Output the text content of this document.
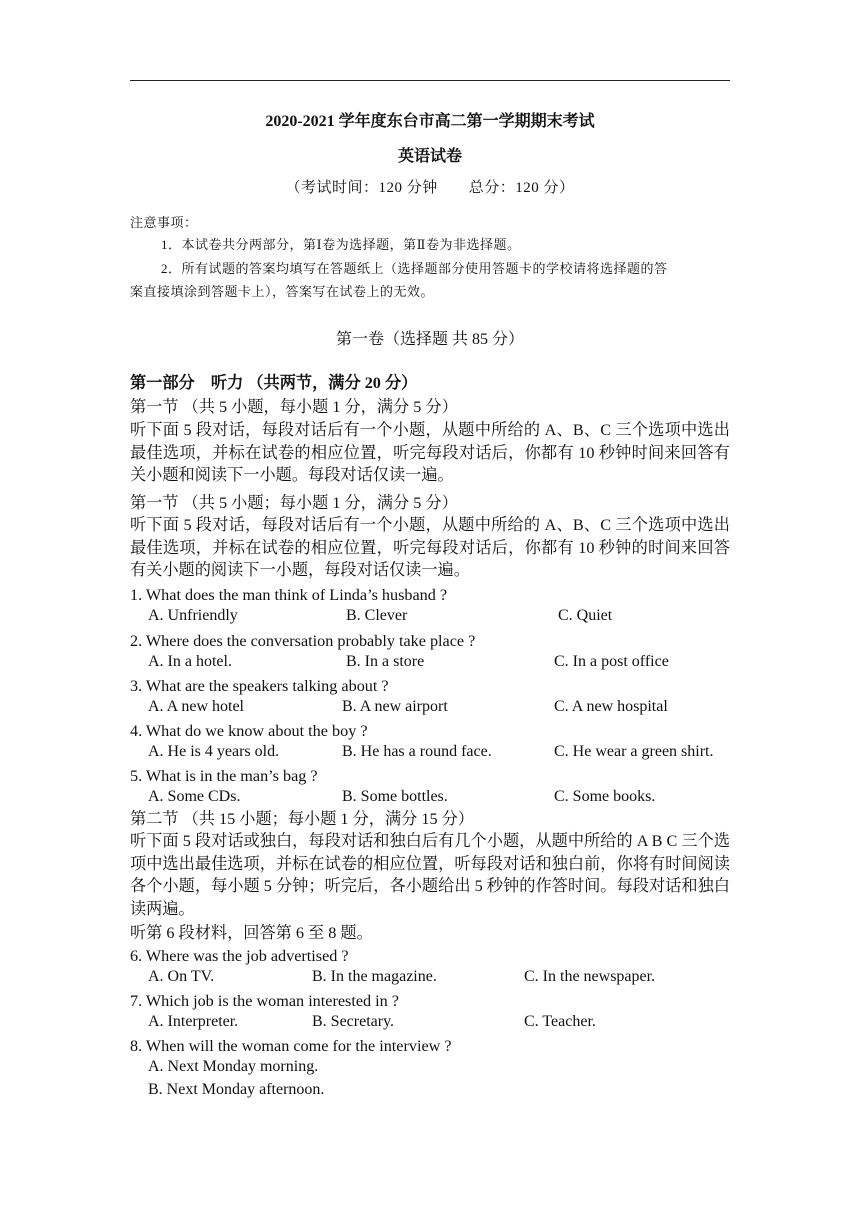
2020-2021 学年度东台市高二第一学期期末考试
英语试卷
（考试时间：120 分钟　　总分：120 分）
注意事项：
1．本试卷共分两部分，第Ⅰ卷为选择题，第Ⅱ卷为非选择题。
2．所有试题的答案均填写在答题纸上（选择题部分使用答题卡的学校请将选择题的答
案直接填涂到答题卡上），答案写在试卷上的无效。
第一卷（选择题 共 85 分）
第一部分　听力 （共两节，满分 20 分）
第一节 （共 5 小题，每小题 1 分，满分 5 分）
听下面 5 段对话，每段对话后有一个小题，从题中所给的 A、B、C 三个选项中选出最佳选项，并标在试卷的相应位置，听完每段对话后，你都有 10 秒钟时间来回答有关小题和阅读下一小题。每段对话仅读一遍。
第一节 （共 5 小题；每小题 1 分，满分 5 分）
听下面 5 段对话，每段对话后有一个小题，从题中所给的 A、B、C 三个选项中选出最佳选项，并标在试卷的相应位置，听完每段对话后，你都有 10 秒钟的时间来回答有关小题的阅读下一小题，每段对话仅读一遍。
1. What does the man think of Linda’s husband ?
A. Unfriendly	B. Clever	C. Quiet
2. Where does the conversation probably take place ?
A. In a hotel.	B. In a store	C. In a post office
3. What are the speakers talking about ?
A. A new hotel	B. A new airport	C. A new hospital
4. What do we know about the boy ?
A. He is 4 years old.	B. He has a round face.	C. He wear a green shirt.
5. What is in the man’s bag ?
A. Some CDs.	B. Some bottles.	C. Some books.
第二节 （共 15 小题；每小题 1 分，满分 15 分）
听下面 5 段对话或独白，每段对话和独白后有几个小题，从题中所给的 A B C 三个选项中选出最佳选项，并标在试卷的相应位置，听每段对话和独白前，你将有时间阅读各个小题，每小题 5 分钟；听完后，各小题给出 5 秒钟的作答时间。每段对话和独白读两遍。
听第 6 段材料，回答第 6 至 8 题。
6. Where was the job advertised ?
A. On TV.	B. In the magazine.	C. In the newspaper.
7. Which job is the woman interested in ?
A. Interpreter.	B. Secretary.	C. Teacher.
8. When will the woman come for the interview ?
A. Next Monday morning.
B. Next Monday afternoon.
